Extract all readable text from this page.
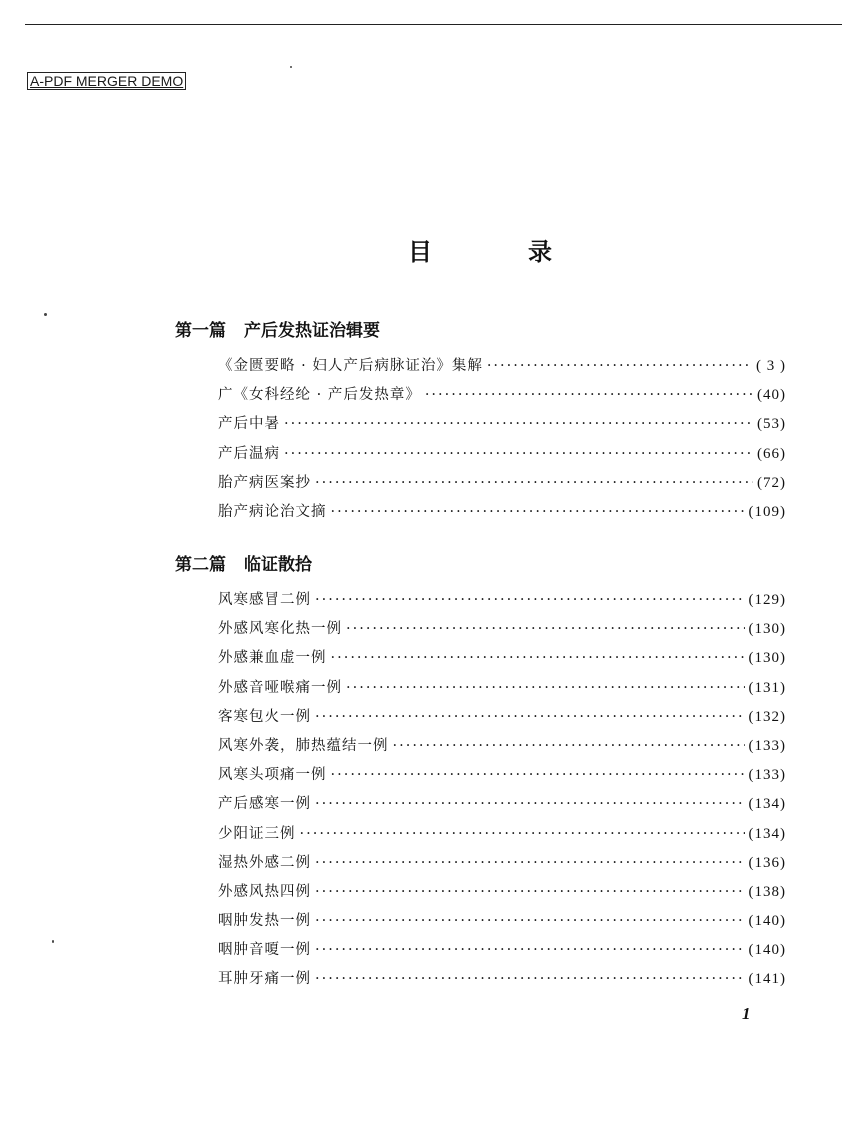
A-PDF MERGER DEMO
目	录
第一篇 产后发热证治辑要
《金匮要略 · 妇人产后病脉证治》集解 ·····	( 3 )
广《女科经纶 · 产后发热章》 ·····	(40)
产后中暑 ·····	(53)
产后温病 ·····	(66)
胎产病医案抄 ·····	(72)
胎产病论治文摘 ·····	(109)
第二篇 临证散拾
风寒感冒二例 ·····	(129)
外感风寒化热一例 ·····	(130)
外感兼血虚一例 ·····	(130)
外感音哑喉痛一例 ·····	(131)
客寒包火一例 ·····	(132)
风寒外袭，肺热蕴结一例 ·····	(133)
风寒头项痛一例 ·····	(133)
产后感寒一例 ·····	(134)
少阳证三例 ·····	(134)
湿热外感二例 ·····	(136)
外感风热四例 ·····	(138)
咽肿发热一例 ·····	(140)
咽肿音嗄一例 ·····	(140)
耳肿牙痛一例 ·····	(141)
1
